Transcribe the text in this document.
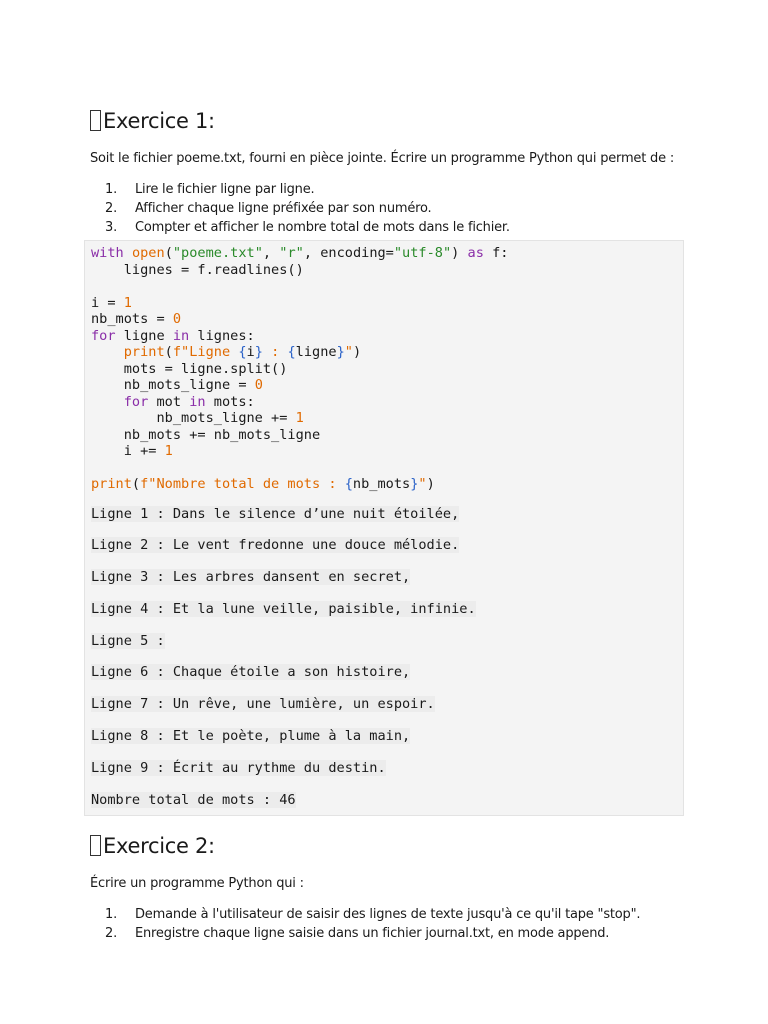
Exercice 1:

Soit le fichier poeme.txt, fourni en pièce jointe. Écrire un programme Python qui permet de :

1.	Lire le fichier ligne par ligne.
2.	Afficher chaque ligne préfixée par son numéro.
3.	Compter et afficher le nombre total de mots dans le fichier.
with open("poeme.txt", "r", encoding="utf-8") as f:
lignes = f.readlines()

i = 1
nb_mots = 0
for ligne in lignes:
print(f"Ligne {i} : {ligne}")
mots = ligne.split()
nb_mots_ligne = 0
for mot in mots:
nb_mots_ligne += 1
nb_mots += nb_mots_ligne
i += 1

print(f"Nombre total de mots : {nb_mots}")
Ligne 1 : Dans le silence d’une nuit étoilée,
Ligne 2 : Le vent fredonne une douce mélodie.
Ligne 3 : Les arbres dansent en secret,
Ligne 4 : Et la lune veille, paisible, infinie.
Ligne 5 :
Ligne 6 : Chaque étoile a son histoire,
Ligne 7 : Un rêve, une lumière, un espoir.
Ligne 8 : Et le poète, plume à la main,
Ligne 9 : Écrit au rythme du destin.
Nombre total de mots : 46
Exercice 2:

Écrire un programme Python qui :

1.	Demande à l'utilisateur de saisir des lignes de texte jusqu'à ce qu'il tape "stop".
2.	Enregistre chaque ligne saisie dans un fichier journal.txt, en mode append.
